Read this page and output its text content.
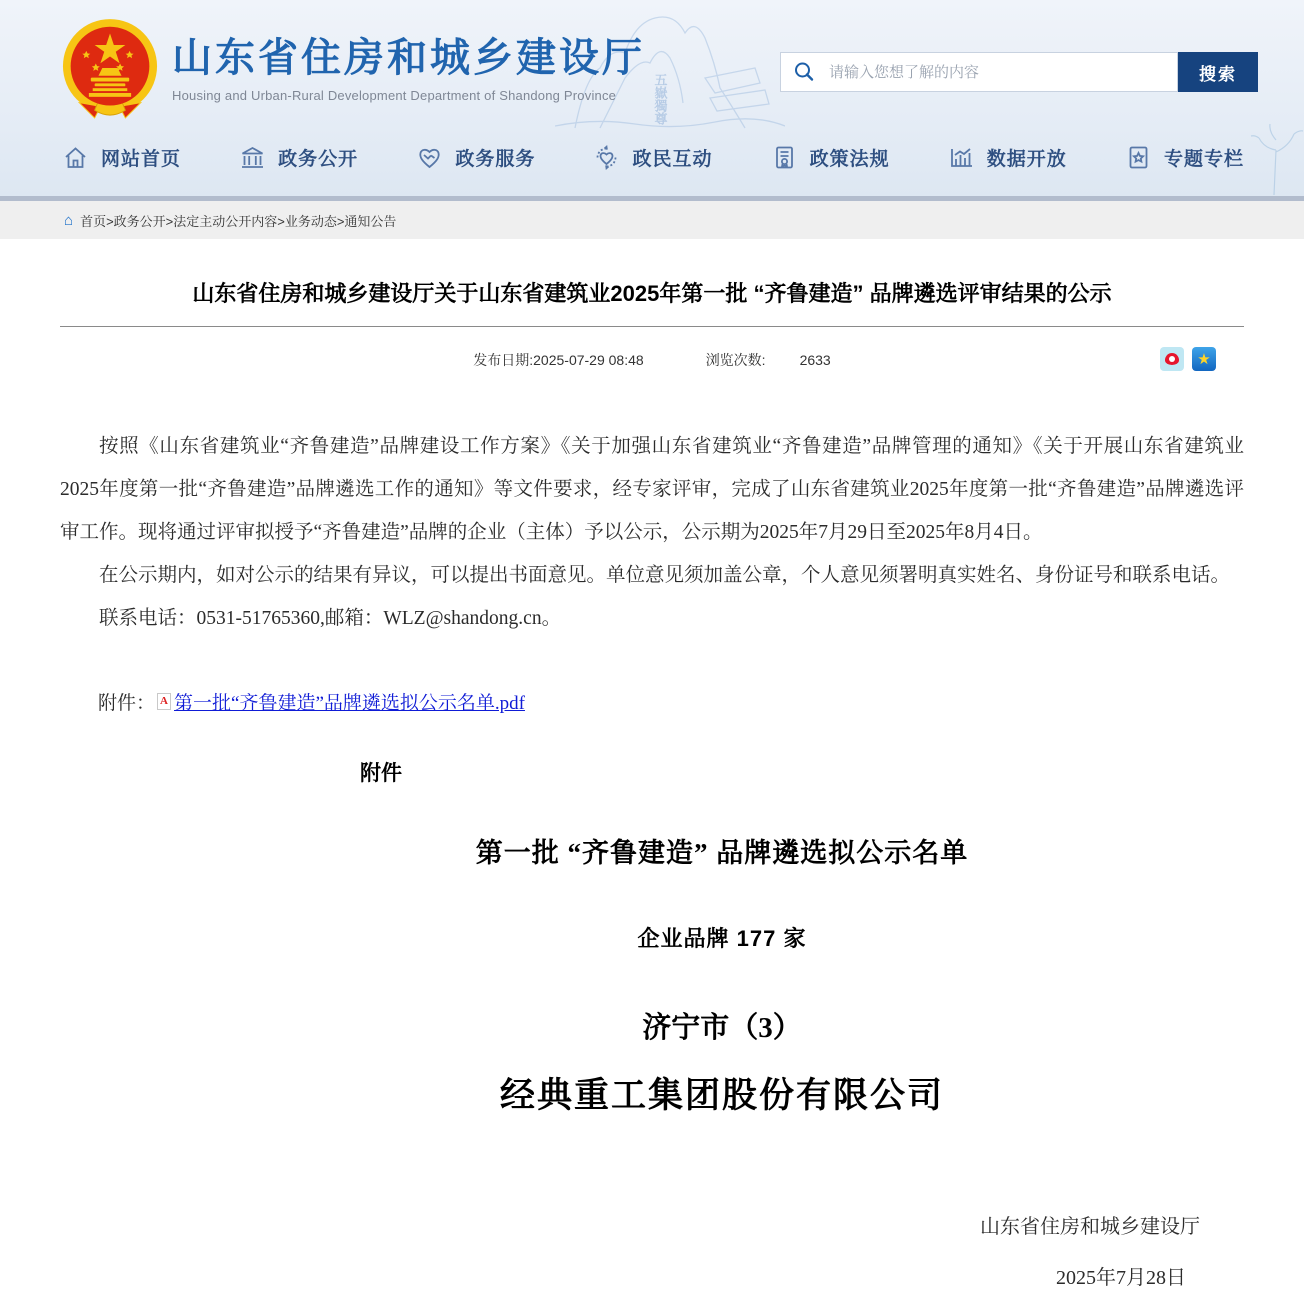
五嶽獨尊
山东省住房和城乡建设厅
Housing and Urban-Rural Development Department of Shandong Province
请输入您想了解的内容
搜索
网站首页	政务公开	政务服务	政民互动	政策法规	数据开放	专题专栏
⌂ 首页>政务公开>法定主动公开内容>业务动态>通知公告
山东省住房和城乡建设厅关于山东省建筑业2025年第一批 “齐鲁建造” 品牌遴选评审结果的公示
发布日期:2025-07-29 08:48	浏览次数: 2633	★

按照《山东省建筑业“齐鲁建造”品牌建设工作方案》《关于加强山东省建筑业“齐鲁建造”品牌管理的通知》《关于开展山东省建筑业2025年度第一批“齐鲁建造”品牌遴选工作的通知》等文件要求，经专家评审，完成了山东省建筑业2025年度第一批“齐鲁建造”品牌遴选评审工作。现将通过评审拟授予“齐鲁建造”品牌的企业（主体）予以公示，公示期为2025年7月29日至2025年8月4日。

在公示期内，如对公示的结果有异议，可以提出书面意见。单位意见须加盖公章，个人意见须署明真实姓名、身份证号和联系电话。

联系电话：0531-51765360,邮箱：WLZ@shandong.cn。

附件： A 第一批“齐鲁建造”品牌遴选拟公示名单.pdf
附件
第一批 “齐鲁建造” 品牌遴选拟公示名单
企业品牌 177 家
济宁市（3）
经典重工集团股份有限公司
山东省住房和城乡建设厅
2025年7月28日
